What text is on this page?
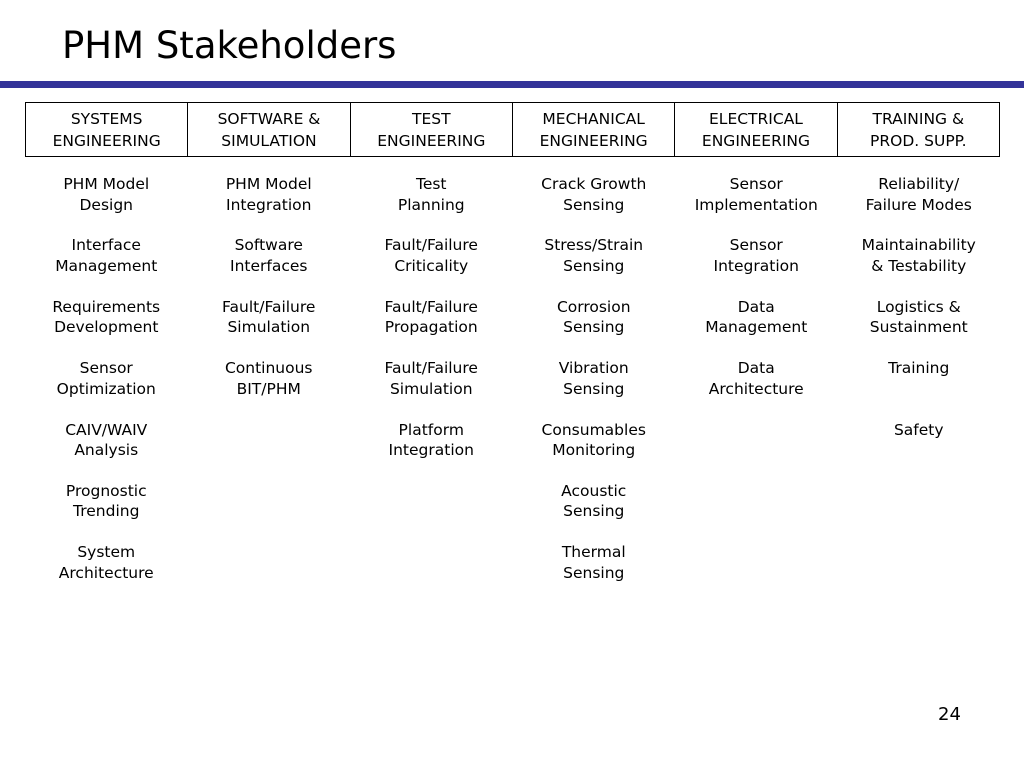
PHM Stakeholders
SYSTEMS
ENGINEERING
SOFTWARE &
SIMULATION
TEST
ENGINEERING
MECHANICAL
ENGINEERING
ELECTRICAL
ENGINEERING
TRAINING &
PROD. SUPP.
PHM Model
Design
Interface
Management
Requirements
Development
Sensor
Optimization
CAIV/WAIV
Analysis
Prognostic
Trending
System
Architecture
PHM Model
Integration
Software
Interfaces
Fault/Failure
Simulation
Continuous
BIT/PHM
Test
Planning
Fault/Failure
Criticality
Fault/Failure
Propagation
Fault/Failure
Simulation
Platform
Integration
Crack Growth
Sensing
Stress/Strain
Sensing
Corrosion
Sensing
Vibration
Sensing
Consumables
Monitoring
Acoustic
Sensing
Thermal
Sensing
Sensor
Implementation
Sensor
Integration
Data
Management
Data
Architecture
Reliability/
Failure Modes
Maintainability
& Testability
Logistics &
Sustainment
Training
Safety
24
